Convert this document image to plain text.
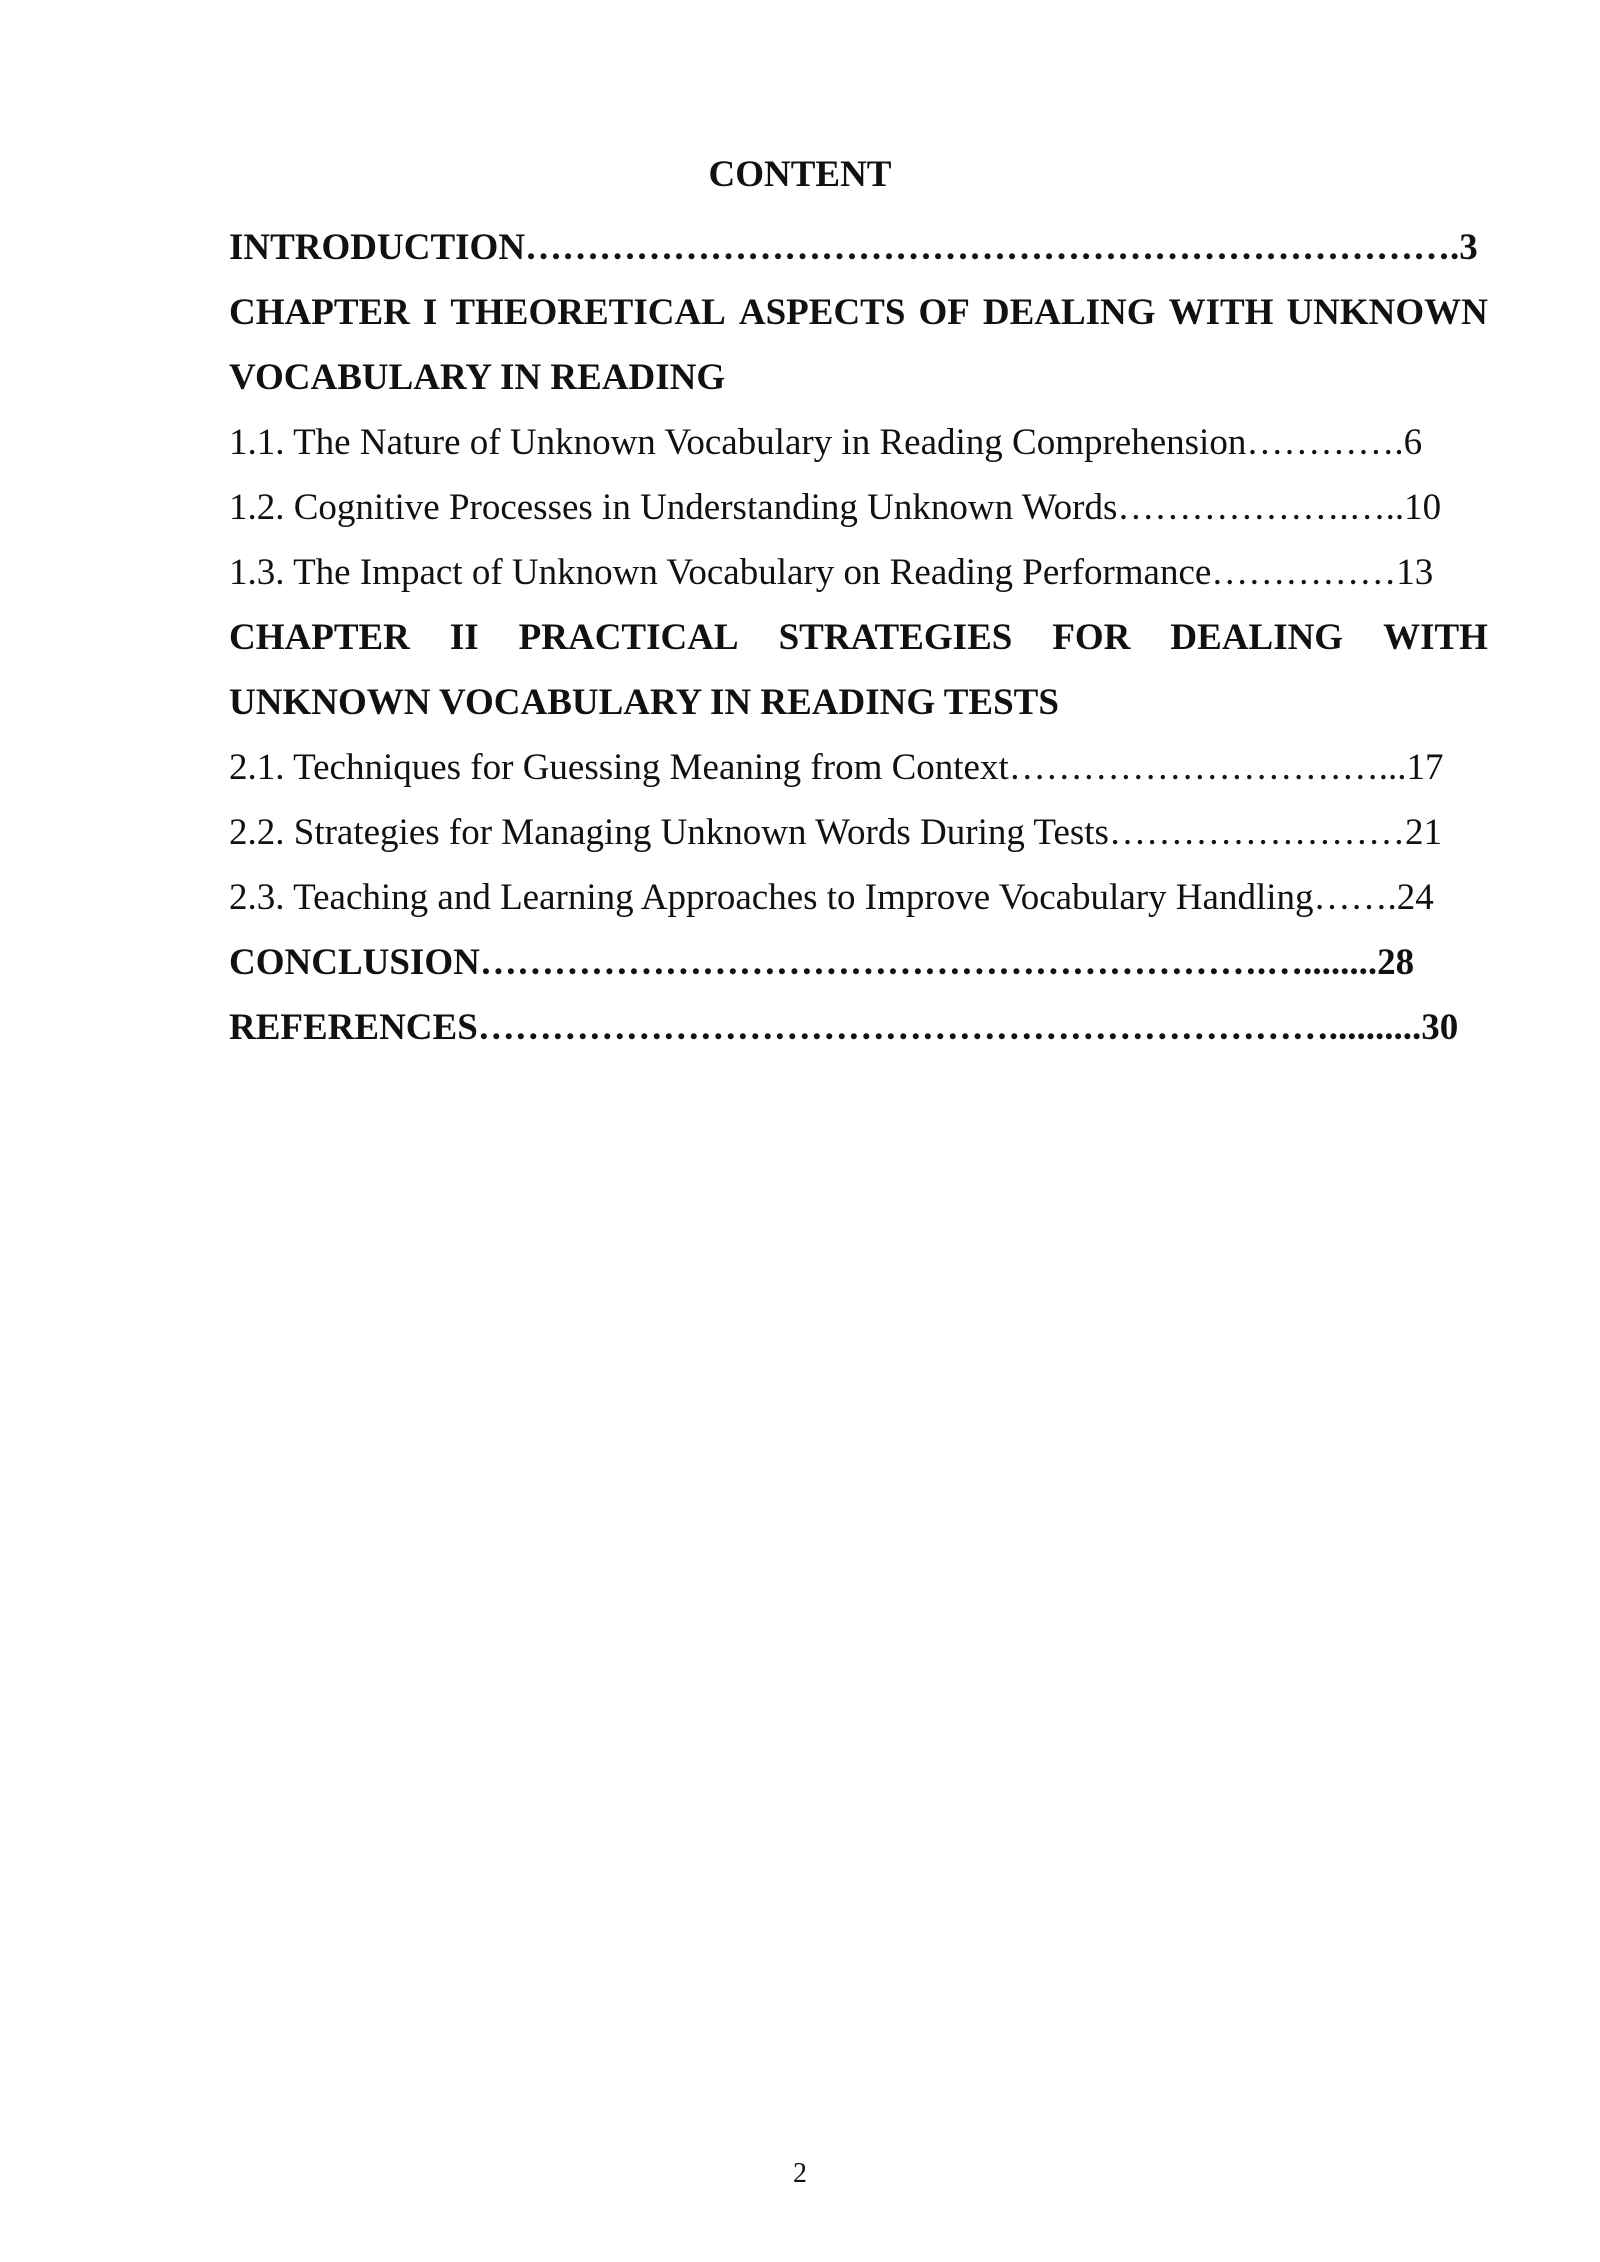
CONTENT
INTRODUCTION………………………………………………………………….3
CHAPTER I THEORETICAL ASPECTS OF DEALING WITH UNKNOWN
VOCABULARY IN READING
1.1. The Nature of Unknown Vocabulary in Reading Comprehension………….6
1.2. Cognitive Processes in Understanding Unknown Words……………….…..10
1.3. The Impact of Unknown Vocabulary on Reading Performance……………13
CHAPTER II PRACTICAL STRATEGIES FOR DEALING WITH
UNKNOWN VOCABULARY IN READING TESTS
2.1. Techniques for Guessing Meaning from Context…………………………...17
2.2. Strategies for Managing Unknown Words During Tests……………………21
2.3. Teaching and Learning Approaches to Improve Vocabulary Handling…….24
CONCLUSION……………………………………………………….…........28
REFERENCES……………………………………………………………..........30
2
